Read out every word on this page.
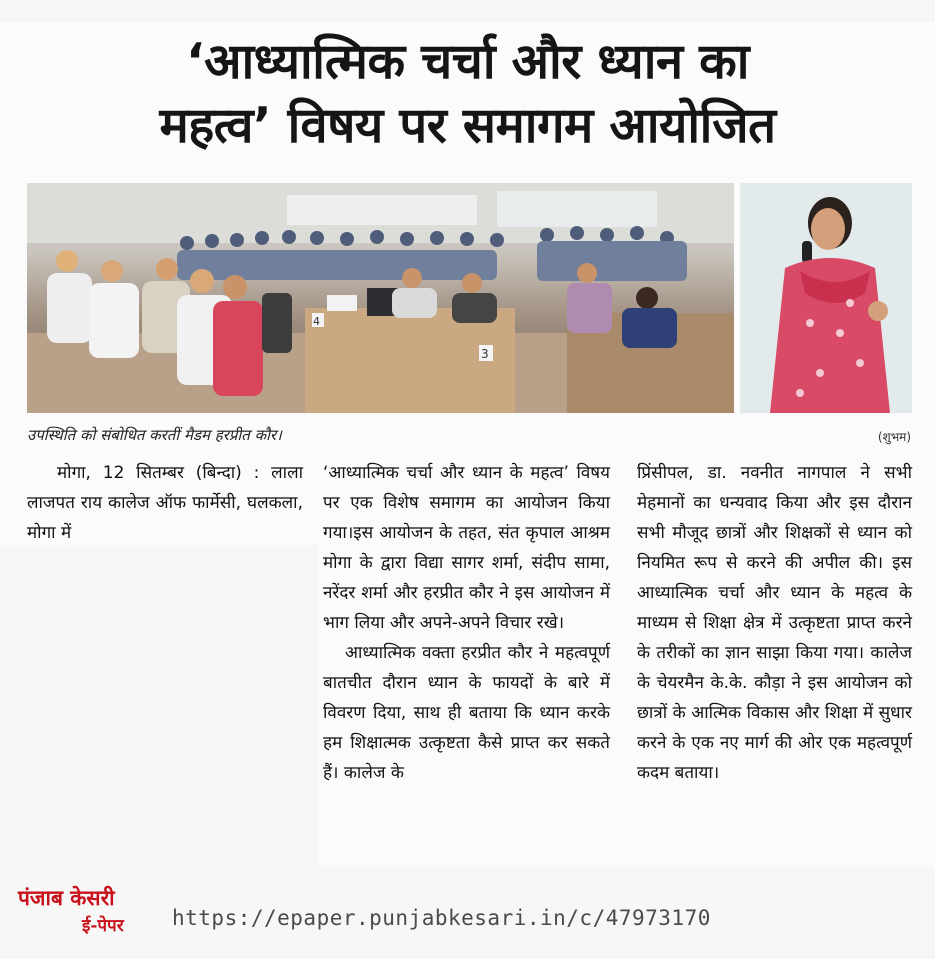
‘आध्यात्मिक चर्चा और ध्यान का
महत्व’ विषय पर समागम आयोजित
4
3
उपस्थिति को संबोधित करतीं मैडम हरप्रीत कौर।	(शुभम)

मोगा, 12 सितम्बर (बिन्दा) : लाला लाजपत राय कालेज ऑफ फार्मेसी, घलकला, मोगा में

‘आध्यात्मिक चर्चा और ध्यान के महत्व’ विषय पर एक विशेष समागम का आयोजन किया गया।इस आयोजन के तहत, संत कृपाल आश्रम मोगा के द्वारा विद्या सागर शर्मा, संदीप सामा, नरेंदर शर्मा और हरप्रीत कौर ने इस आयोजन में भाग लिया और अपने-अपने विचार रखे।

आध्यात्मिक वक्ता हरप्रीत कौर ने महत्वपूर्ण बातचीत दौरान ध्यान के फायदों के बारे में विवरण दिया, साथ ही बताया कि ध्यान करके हम शिक्षात्मक उत्कृष्टता कैसे प्राप्त कर सकते हैं। कालेज के

प्रिंसीपल, डा. नवनीत नागपाल ने सभी मेहमानों का धन्यवाद किया और इस दौरान सभी मौजूद छात्रों और शिक्षकों से ध्यान को नियमित रूप से करने की अपील की। इस आध्यात्मिक चर्चा और ध्यान के महत्व के माध्यम से शिक्षा क्षेत्र में उत्कृष्टता प्राप्त करने के तरीकों का ज्ञान साझा किया गया। कालेज के चेयरमैन के.के. कौड़ा ने इस आयोजन को छात्रों के आत्मिक विकास और शिक्षा में सुधार करने के एक नए मार्ग की ओर एक महत्वपूर्ण कदम बताया।

पंजाब केसरी
ई-पेपर https://epaper.punjabkesari.in/c/47973170
